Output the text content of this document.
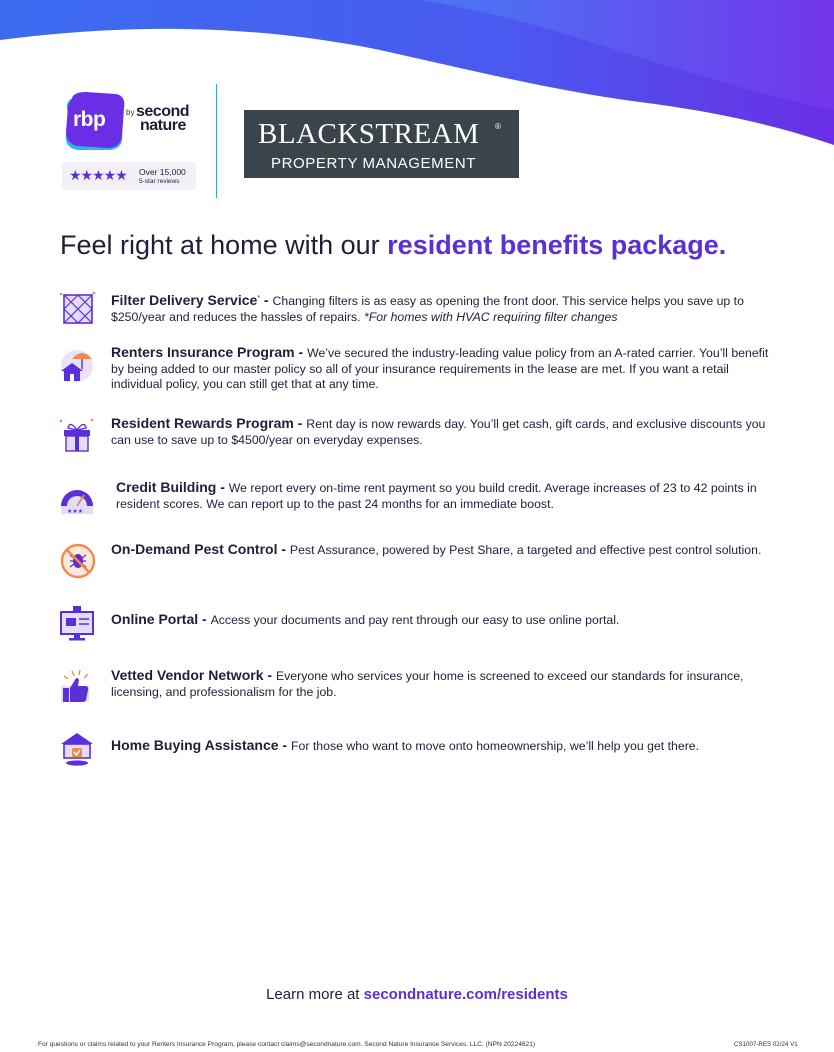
rbp	by second
nature
★★★★★ Over 15,000
5-star reviews
BLACKSTREAM ®
PROPERTY MANAGEMENT
Feel right at home with our resident benefits package.
Filter Delivery Service* - Changing filters is as easy as opening the front door. This service helps you save up to $250/year and reduces the hassles of repairs. *For homes with HVAC requiring filter changes
Renters Insurance Program - We’ve secured the industry-leading value policy from an A-rated carrier. You’ll benefit by being added to our master policy so all of your insurance requirements in the lease are met. If you want a retail individual policy, you can still get that at any time.
Resident Rewards Program - Rent day is now rewards day. You’ll get cash, gift cards, and exclusive discounts you can use to save up to $4500/year on everyday expenses.
★★★
Credit Building - We report every on-time rent payment so you build credit. Average increases of 23 to 42 points in resident scores. We can report up to the past 24 months for an immediate boost.
On-Demand Pest Control - Pest Assurance, powered by Pest Share, a targeted and effective pest control solution.
Online Portal - Access your documents and pay rent through our easy to use online portal.
Vetted Vendor Network - Everyone who services your home is screened to exceed our standards for insurance, licensing, and professionalism for the job.
Home Buying Assistance - For those who want to move onto homeownership, we’ll help you get there.
Learn more at secondnature.com/residents
For questions or claims related to your Renters Insurance Program, please contact claims@secondnature.com. Second Nature Insurance Services, LLC. (NPN 20224621)	CS1007-RES 02/24 V1
